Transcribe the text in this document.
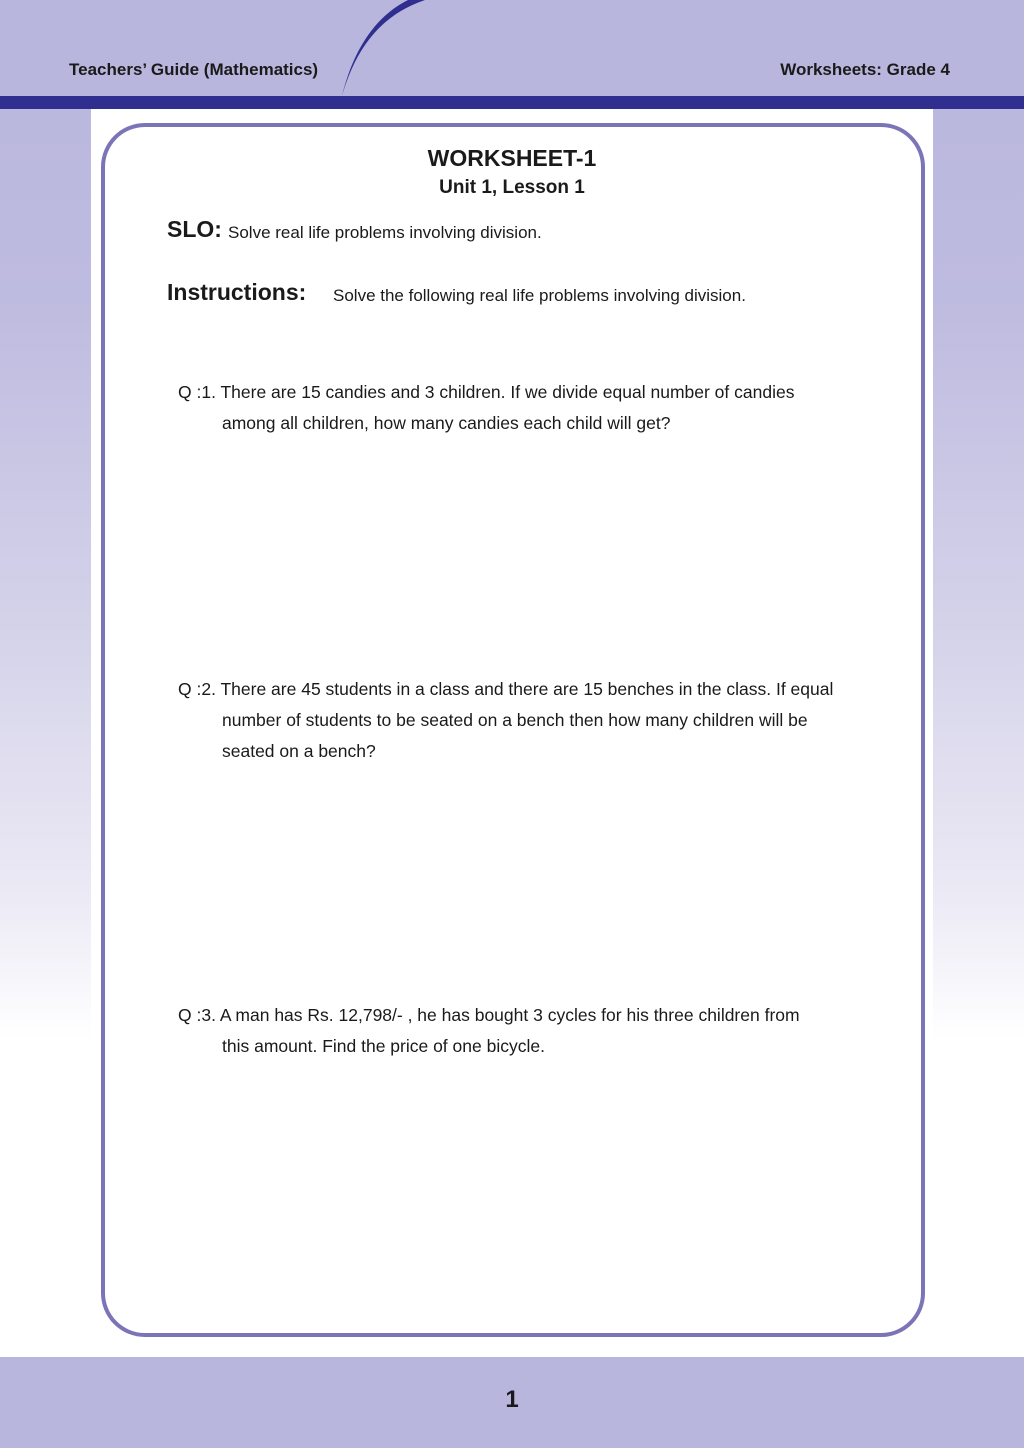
Teachers’ Guide (Mathematics)	Worksheets: Grade 4
WORKSHEET-1
Unit 1, Lesson 1
SLO: Solve real life problems involving division.
Instructions: Solve the following real life problems involving division.
Q :1. There are 15 candies and 3 children. If we divide equal number of candies
among all children, how many candies each child will get?
Q :2. There are 45 students in a class and there are 15 benches in the class. If equal
number of students to be seated on a bench then how many children will be seated on a bench?
Q :3. A man has Rs. 12,798/- , he has bought 3 cycles for his three children from
this amount. Find the price of one bicycle.
1
